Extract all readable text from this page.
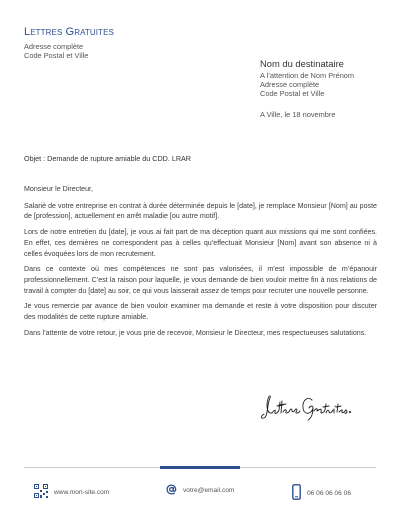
Lettres Gratuites
Adresse complète
Code Postal et Ville
Nom du destinataire
A l’attention de Nom Prénom
Adresse complète
Code Postal et Ville
A Ville, le 18 novembre
Objet : Demande de rupture amiable du CDD. LRAR

Monsieur le Directeur,

Salarié de votre entreprise en contrat à durée déterminée depuis le [date], je remplace Monsieur [Nom] au poste de [profession], actuellement en arrêt maladie [ou autre motif].

Lors de notre entretien du [date], je vous ai fait part de ma déception quant aux missions qui me sont confiées. En effet, ces dernières ne correspondent pas à celles qu’effectuait Monsieur [Nom] avant son absence ni à celles évoquées lors de mon recrutement.

Dans ce contexte où mes compétences ne sont pas valorisées, il m’est impossible de m’épanouir professionnellement. C’est la raison pour laquelle, je vous demande de bien vouloir mettre fin à nos relations de travail à compter du [date] au soir, ce qui vous laisserait assez de temps pour recruter une nouvelle personne.

Je vous remercie par avance de bien vouloir examiner ma demande et reste à votre disposition pour discuter des modalités de cette rupture amiable.

Dans l’attente de votre retour, je vous prie de recevoir, Monsieur le Directeur, mes respectueuses salutations.

www.mon-site.com	votre@email.com	06 06 06 06 06
